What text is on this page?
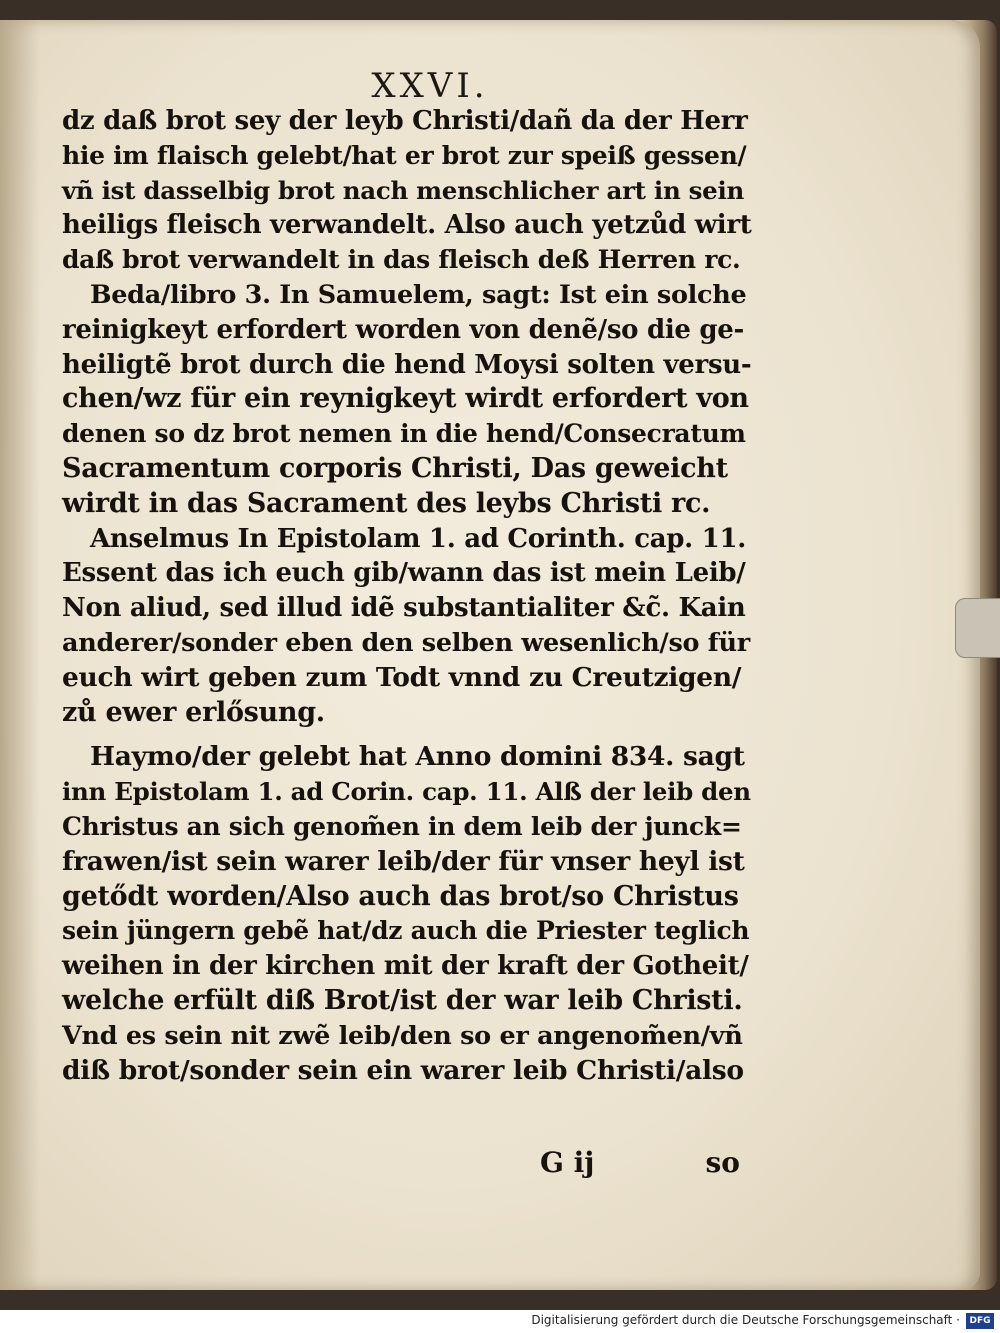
XXVI.
dz daß brot sey der leyb Christi/dañ da der Herr
hie im flaisch gelebt/hat er brot zur speiß gessen/
vñ ist dasselbig brot nach menschlicher art in sein
heiligs fleisch verwandelt. Also auch yetzůd wirt
daß brot verwandelt in das fleisch deß Herren rc.
Beda/libro 3. In Samuelem, sagt: Ist ein solche
reinigkeyt erfordert worden von denẽ/so die ge-
heiligtẽ brot durch die hend Moysi solten versu-
chen/wz für ein reynigkeyt wirdt erfordert von
denen so dz brot nemen in die hend/Consecratum
Sacramentum corporis Christi, Das geweicht
wirdt in das Sacrament des leybs Christi rc.
Anselmus In Epistolam 1. ad Corinth. cap. 11.
Essent das ich euch gib/wann das ist mein Leib/
Non aliud, sed illud idẽ substantialiter &c̃. Kain
anderer/sonder eben den selben wesenlich/so für
euch wirt geben zum Todt vnnd zu Creutzigen/
zů ewer erlősung.
Haymo/der gelebt hat Anno domini 834. sagt
inn Epistolam 1. ad Corin. cap. 11. Alß der leib den
Christus an sich genom̃en in dem leib der junck=
frawen/ist sein warer leib/der für vnser heyl ist
getődt worden/Also auch das brot/so Christus
sein jüngern gebẽ hat/dz auch die Priester teglich
weihen in der kirchen mit der kraft der Gotheit/
welche erfült diß Brot/ist der war leib Christi.
Vnd es sein nit zwẽ leib/den so er angenom̃en/vñ
diß brot/sonder sein ein warer leib Christi/also
G ij	so
Digitalisierung gefördert durch die Deutsche Forschungsgemeinschaft ·	DFG
